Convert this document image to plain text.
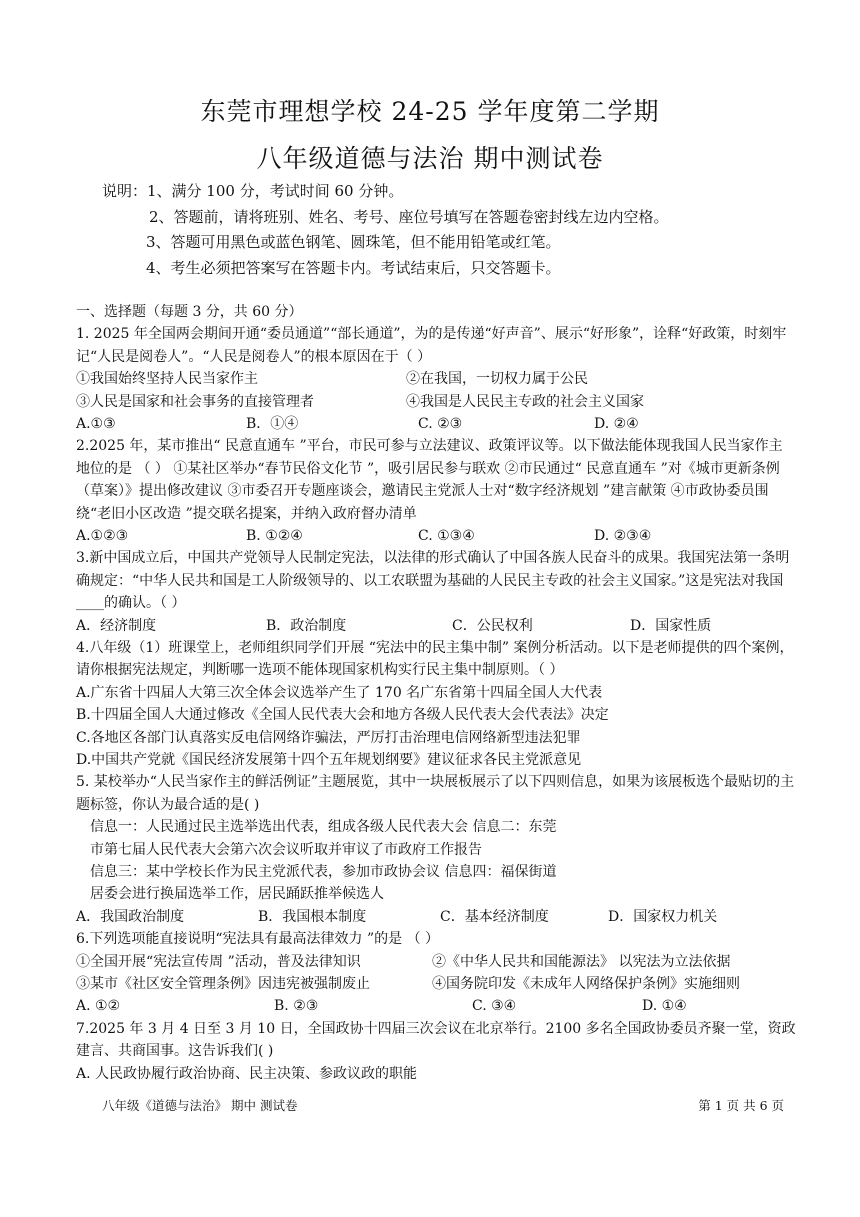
东莞市理想学校 24-25 学年度第二学期
八年级道德与法治 期中测试卷
说明：1、满分 100 分，考试时间 60 分钟。
2、答题前，请将班别、姓名、考号、座位号填写在答题卷密封线左边内空格。
3、答题可用黑色或蓝色钢笔、圆珠笔，但不能用铅笔或红笔。
4、考生必须把答案写在答题卡内。考试结束后，只交答题卡。
一、选择题（每题 3 分，共 60 分）
1. 2025 年全国两会期间开通“委员通道”“部长通道”，为的是传递“好声音”、展示“好形象”，诠释“好政策，时刻牢记“人民是阅卷人”。“人民是阅卷人”的根本原因在于（ ）
①我国始终坚持人民当家作主	②在我国，一切权力属于公民
③人民是国家和社会事务的直接管理者	④我国是人民民主专政的社会主义国家
A.①③	B．①④	C. ②③	D. ②④
2.2025 年，某市推出“ 民意直通车 ”平台，市民可参与立法建议、政策评议等。以下做法能体现我国人民当家作主地位的是 （ ） ①某社区举办“春节民俗文化节 ”，吸引居民参与联欢 ②市民通过“ 民意直通车 ”对《城市更新条例（草案）》提出修改建议 ③市委召开专题座谈会，邀请民主党派人士对“数字经济规划 ”建言献策 ④市政协委员围绕“老旧小区改造 ”提交联名提案，并纳入政府督办清单
A.①②③	B. ①②④	C. ①③④	D. ②③④
3.新中国成立后，中国共产党领导人民制定宪法，以法律的形式确认了中国各族人民奋斗的成果。我国宪法第一条明确规定：“中华人民共和国是工人阶级领导的、以工农联盟为基础的人民民主专政的社会主义国家。”这是宪法对我国____的确认。（ ）
A．经济制度	B．政治制度	C．公民权利	D．国家性质
4.八年级（1）班课堂上，老师组织同学们开展 “宪法中的民主集中制” 案例分析活动。以下是老师提供的四个案例，请你根据宪法规定，判断哪一选项不能体现国家机构实行民主集中制原则。（ ）
A.广东省十四届人大第三次全体会议选举产生了 170 名广东省第十四届全国人大代表
B.十四届全国人大通过修改《全国人民代表大会和地方各级人民代表大会代表法》决定
C.各地区各部门认真落实反电信网络诈骗法，严厉打击治理电信网络新型违法犯罪
D.中国共产党就《国民经济发展第十四个五年规划纲要》建议征求各民主党派意见
5. 某校举办“人民当家作主的鲜活例证”主题展览，其中一块展板展示了以下四则信息，如果为该展板选个最贴切的主题标签，你认为最合适的是( )
信息一：人民通过民主选举选出代表，组成各级人民代表大会 信息二：东莞
市第七届人民代表大会第六次会议听取并审议了市政府工作报告
信息三：某中学校长作为民主党派代表，参加市政协会议 信息四：福保街道
居委会进行换届选举工作，居民踊跃推举候选人
A．我国政治制度	B．我国根本制度	C．基本经济制度	D．国家权力机关
6.下列选项能直接说明“宪法具有最高法律效力 ”的是 （ ）
①全国开展“宪法宣传周 ”活动，普及法律知识	②《中华人民共和国能源法》 以宪法为立法依据
③某市《社区安全管理条例》因违宪被强制废止	④国务院印发《未成年人网络保护条例》实施细则
A. ①②	B. ②③	C. ③④	D. ①④
7.2025 年 3 月 4 日至 3 月 10 日，全国政协十四届三次会议在北京举行。2100 多名全国政协委员齐聚一堂，资政建言、共商国事。这告诉我们( )
A. 人民政协履行政治协商、民主决策、参政议政的职能
八年级《道德与法治》 期中 测试卷	第 1 页 共 6 页
